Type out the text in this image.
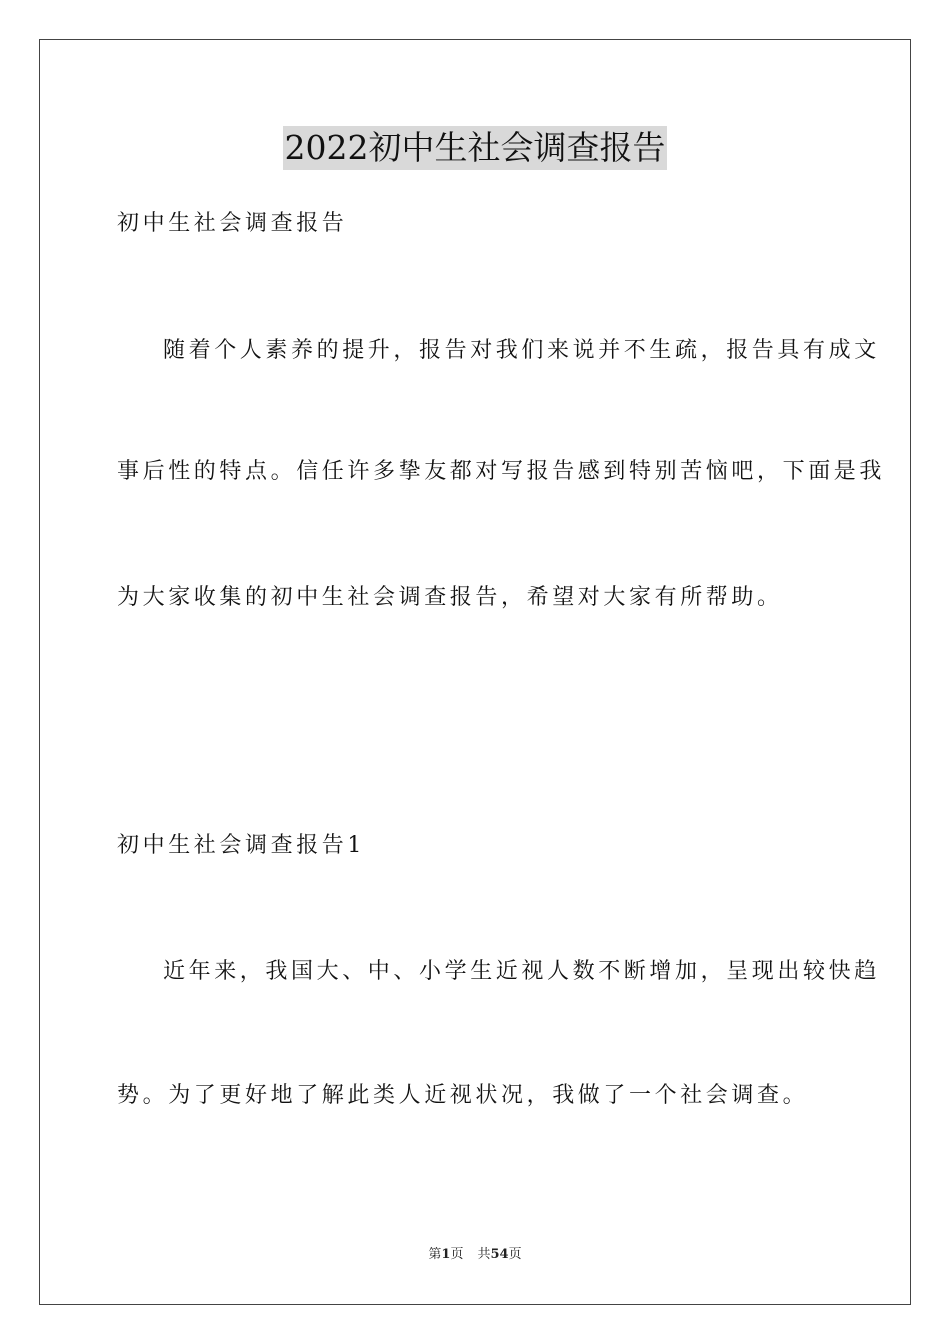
2022初中生社会调查报告
初中生社会调查报告
随着个人素养的提升，报告对我们来说并不生疏，报告具有成文
事后性的特点。信任许多挚友都对写报告感到特别苦恼吧，下面是我
为大家收集的初中生社会调查报告，希望对大家有所帮助。
初中生社会调查报告1
近年来，我国大、中、小学生近视人数不断增加，呈现出较快趋
势。为了更好地了解此类人近视状况，我做了一个社会调查。
第1页 共54页
